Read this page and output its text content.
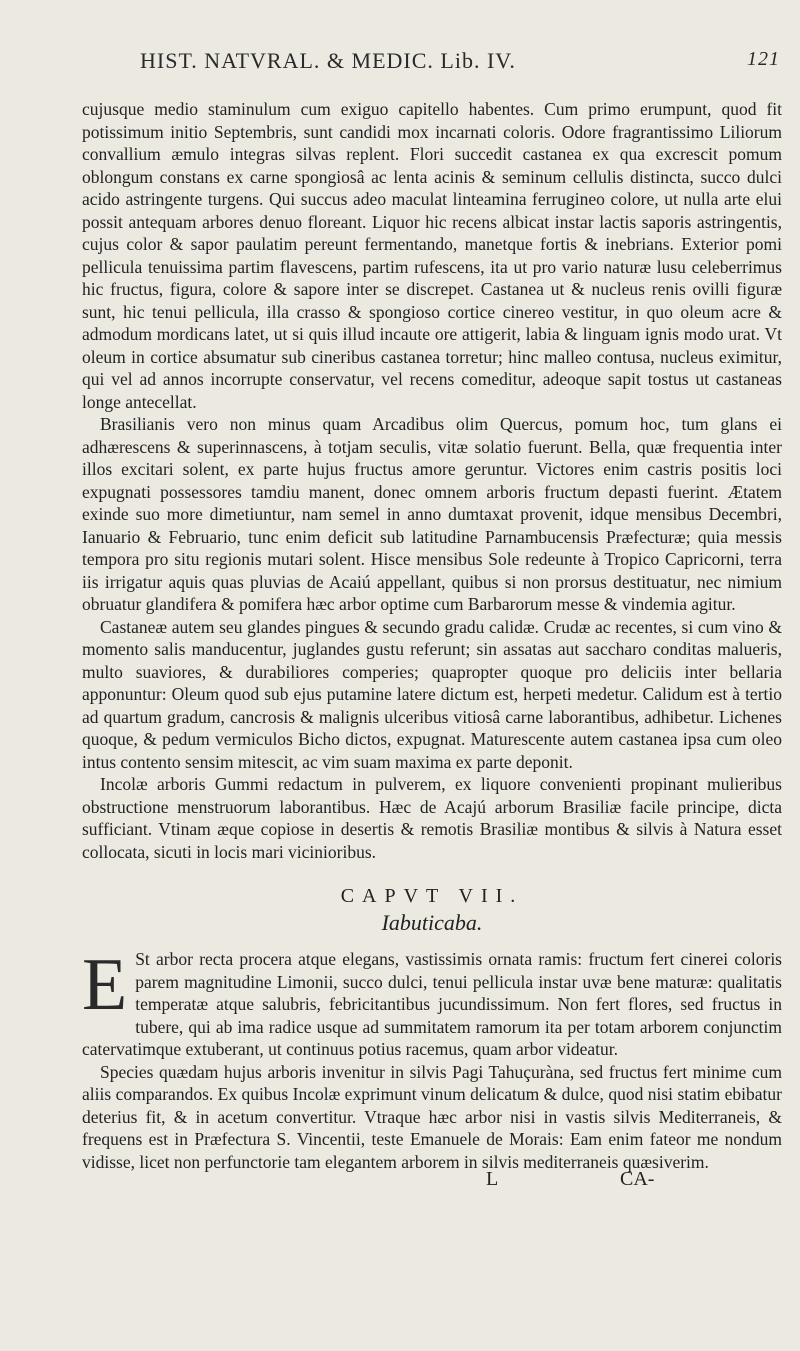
HIST. NATVRAL. & MEDIC. Lib. IV.	121

cujusque medio staminulum cum exiguo capitello habentes. Cum primo erumpunt, quod fit potissimum initio Septembris, sunt candidi mox incarnati coloris. Odore fragrantissimo Liliorum convallium æmulo integras silvas replent. Flori succedit castanea ex qua excrescit pomum oblongum constans ex carne spongiosâ ac lenta acinis & seminum cellulis distincta, succo dulci acido astringente turgens. Qui succus adeo maculat linteamina ferrugineo colore, ut nulla arte elui possit antequam arbores denuo floreant. Liquor hic recens albicat instar lactis saporis astringentis, cujus color & sapor paulatim pereunt fermentando, manetque fortis & inebrians. Exterior pomi pellicula tenuissima partim flavescens, partim rufescens, ita ut pro vario naturæ lusu celeberrimus hic fructus, figura, colore & sapore inter se discrepet. Castanea ut & nucleus renis ovilli figuræ sunt, hic tenui pellicula, illa crasso & spongioso cortice cinereo vestitur, in quo oleum acre & admodum mordicans latet, ut si quis illud incaute ore attigerit, labia & linguam ignis modo urat. Vt oleum in cortice absumatur sub cineribus castanea torretur; hinc malleo contusa, nucleus eximitur, qui vel ad annos incorrupte conservatur, vel recens comeditur, adeoque sapit tostus ut castaneas longe antecellat.

Brasilianis vero non minus quam Arcadibus olim Quercus, pomum hoc, tum glans ei adhærescens & superinnascens, à totjam seculis, vitæ solatio fuerunt. Bella, quæ frequentia inter illos excitari solent, ex parte hujus fructus amore geruntur. Victores enim castris positis loci expugnati possessores tamdiu manent, donec omnem arboris fructum depasti fuerint. Ætatem exinde suo more dimetiuntur, nam semel in anno dumtaxat provenit, idque mensibus Decembri, Ianuario & Februario, tunc enim deficit sub latitudine Parnambucensis Præfecturæ; quia messis tempora pro situ regionis mutari solent. Hisce mensibus Sole redeunte à Tropico Capricorni, terra iis irrigatur aquis quas pluvias de Acaiú appellant, quibus si non prorsus destituatur, nec nimium obruatur glandifera & pomifera hæc arbor optime cum Barbarorum messe & vindemia agitur.

Castaneæ autem seu glandes pingues & secundo gradu calidæ. Crudæ ac recentes, si cum vino & momento salis manducentur, juglandes gustu referunt; sin assatas aut saccharo conditas malueris, multo suaviores, & durabiliores comperies; quapropter quoque pro deliciis inter bellaria apponuntur: Oleum quod sub ejus putamine latere dictum est, herpeti medetur. Calidum est à tertio ad quartum gradum, cancrosis & malignis ulceribus vitiosâ carne laborantibus, adhibetur. Lichenes quoque, & pedum vermiculos Bicho dictos, expugnat. Maturescente autem castanea ipsa cum oleo intus contento sensim mitescit, ac vim suam maxima ex parte deponit.

Incolæ arboris Gummi redactum in pulverem, ex liquore convenienti propinant mulieribus obstructione menstruorum laborantibus. Hæc de Acajú arborum Brasiliæ facile principe, dicta sufficiant. Vtinam æque copiose in desertis & remotis Brasiliæ montibus & silvis à Natura esset collocata, sicuti in locis mari vicinioribus.

CAPVT VII.
Iabuticaba.

E St arbor recta procera atque elegans, vastissimis ornata ramis: fructum fert cinerei coloris parem magnitudine Limonii, succo dulci, tenui pellicula instar uvæ bene maturæ: qualitatis temperatæ atque salubris, febricitantibus jucundissimum. Non fert flores, sed fructus in tubere, qui ab ima radice usque ad summitatem ramorum ita per totam arborem conjunctim catervatimque extuberant, ut continuus potius racemus, quam arbor videatur.

Species quædam hujus arboris invenitur in silvis Pagi Tahuçuràna, sed fructus fert minime cum aliis comparandos. Ex quibus Incolæ exprimunt vinum delicatum & dulce, quod nisi statim ebibatur deterius fit, & in acetum convertitur. Vtraque hæc arbor nisi in vastis silvis Mediterraneis, & frequens est in Præfectura S. Vincentii, teste Emanuele de Morais: Eam enim fateor me nondum vidisse, licet non perfunctorie tam elegantem arborem in silvis mediterraneis quæsiverim.

L	CA-
